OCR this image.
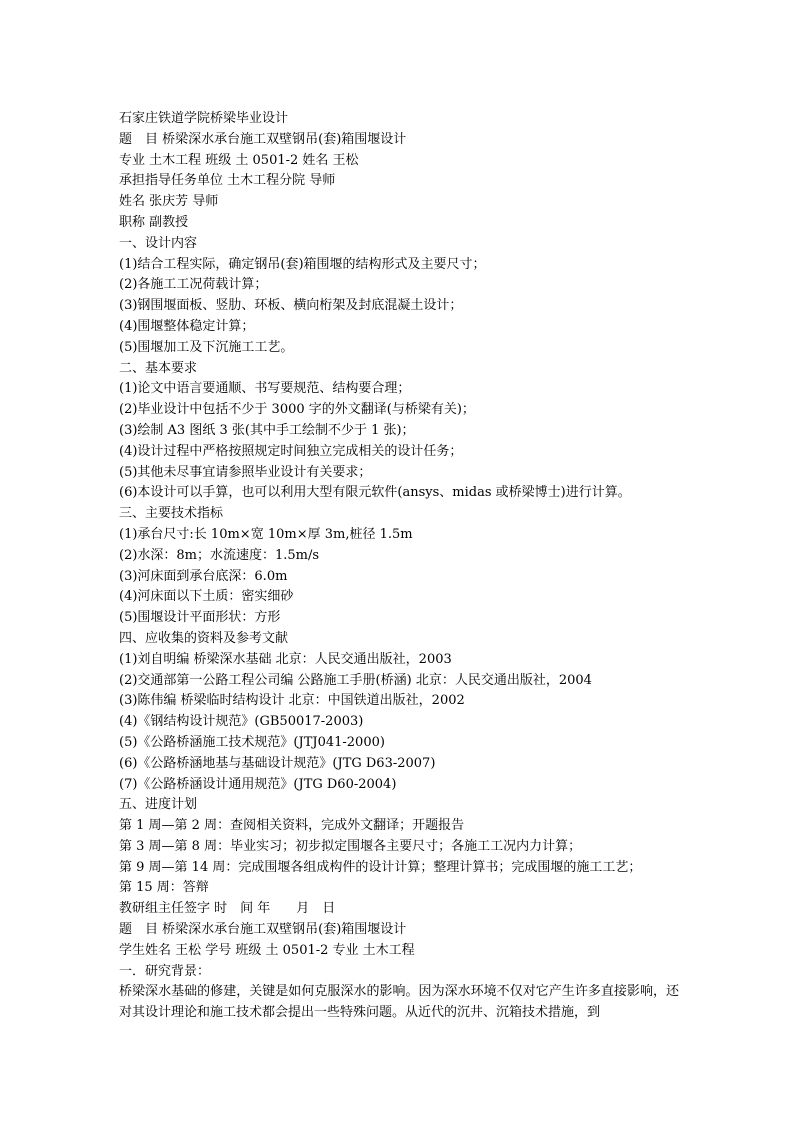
石家庄铁道学院桥梁毕业设计
题　目 桥梁深水承台施工双壁钢吊(套)箱围堰设计
专业 土木工程 班级 土 0501-2 姓名 王松
承担指导任务单位 土木工程分院 导师
姓名 张庆芳 导师
职称 副教授
一、设计内容
(1)结合工程实际，确定钢吊(套)箱围堰的结构形式及主要尺寸；
(2)各施工工况荷载计算；
(3)钢围堰面板、竖肋、环板、横向桁架及封底混凝土设计；
(4)围堰整体稳定计算；
(5)围堰加工及下沉施工工艺。
二、基本要求
(1)论文中语言要通顺、书写要规范、结构要合理；
(2)毕业设计中包括不少于 3000 字的外文翻译(与桥梁有关)；
(3)绘制 A3 图纸 3 张(其中手工绘制不少于 1 张)；
(4)设计过程中严格按照规定时间独立完成相关的设计任务；
(5)其他未尽事宜请参照毕业设计有关要求；
(6)本设计可以手算，也可以利用大型有限元软件(ansys、midas 或桥梁博士)进行计算。
三、主要技术指标
(1)承台尺寸:长 10m×宽 10m×厚 3m,桩径 1.5m
(2)水深：8m；水流速度：1.5m/s
(3)河床面到承台底深：6.0m
(4)河床面以下土质：密实细砂
(5)围堰设计平面形状：方形
四、应收集的资料及参考文献
(1)刘自明编 桥梁深水基础 北京：人民交通出版社，2003
(2)交通部第一公路工程公司编 公路施工手册(桥涵) 北京：人民交通出版社，2004
(3)陈伟编 桥梁临时结构设计 北京：中国铁道出版社，2002
(4)《钢结构设计规范》(GB50017-2003)
(5)《公路桥涵施工技术规范》(JTJ041-2000)
(6)《公路桥涵地基与基础设计规范》(JTG D63-2007)
(7)《公路桥涵设计通用规范》(JTG D60-2004)
五、进度计划
第 1 周—第 2 周：查阅相关资料，完成外文翻译；开题报告
第 3 周—第 8 周：毕业实习；初步拟定围堰各主要尺寸；各施工工况内力计算；
第 9 周—第 14 周：完成围堰各组成构件的设计计算；整理计算书；完成围堰的施工工艺；
第 15 周：答辩
教研组主任签字 时　间 年　　月　日
题　目 桥梁深水承台施工双壁钢吊(套)箱围堰设计
学生姓名 王松 学号 班级 土 0501-2 专业 土木工程
一．研究背景：

桥梁深水基础的修建，关键是如何克服深水的影响。因为深水环境不仅对它产生许多直接影响，还对其设计理论和施工技术都会提出一些特殊问题。从近代的沉井、沉箱技术措施，到
